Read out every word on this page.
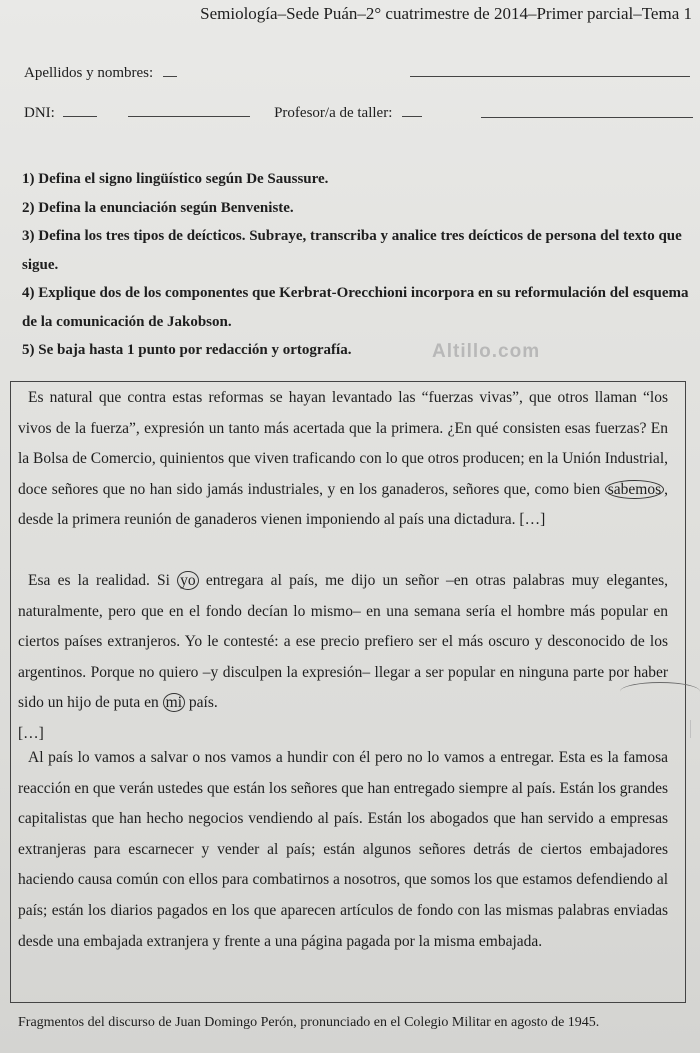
Semiología–Sede Puán–2° cuatrimestre de 2014–Primer parcial–Tema 1
Apellidos y nombres:
DNI:	Profesor/a de taller:

1) Defina el signo lingüístico según De Saussure.

2) Defina la enunciación según Benveniste.

3) Defina los tres tipos de deícticos. Subraye, transcriba y analice tres deícticos de persona del texto que sigue.

4) Explique dos de los componentes que Kerbrat-Orecchioni incorpora en su reformulación del esquema de la comunicación de Jakobson.

5) Se baja hasta 1 punto por redacción y ortografía.	Altillo.com
Es natural que contra estas reformas se hayan levantado las “fuerzas vivas”, que otros llaman “los vivos de la fuerza”, expresión un tanto más acertada que la primera. ¿En qué consisten esas fuerzas? En la Bolsa de Comercio, quinientos que viven traficando con lo que otros producen; en la Unión Industrial, doce señores que no han sido jamás industriales, y en los ganaderos, señores que, como bien sabemos , desde la primera reunión de ganaderos vienen imponiendo al país una dictadura. […]
Esa es la realidad. Si yo entregara al país, me dijo un señor –en otras palabras muy elegantes, naturalmente, pero que en el fondo decían lo mismo– en una semana sería el hombre más popular en ciertos países extranjeros. Yo le contesté: a ese precio prefiero ser el más oscuro y desconocido de los argentinos. Porque no quiero –y disculpen la expresión– llegar a ser popular en ninguna parte por haber sido un hijo de puta en mi país.
[…]
Al país lo vamos a salvar o nos vamos a hundir con él pero no lo vamos a entregar. Esta es la famosa reacción en que verán ustedes que están los señores que han entregado siempre al país. Están los grandes capitalistas que han hecho negocios vendiendo al país. Están los abogados que han servido a empresas extranjeras para escarnecer y vender al país; están algunos señores detrás de ciertos embajadores haciendo causa común con ellos para combatirnos a nosotros, que somos los que estamos defendiendo al país; están los diarios pagados en los que aparecen artículos de fondo con las mismas palabras enviadas desde una embajada extranjera y frente a una página pagada por la misma embajada.
Fragmentos del discurso de Juan Domingo Perón, pronunciado en el Colegio Militar en agosto de 1945.
